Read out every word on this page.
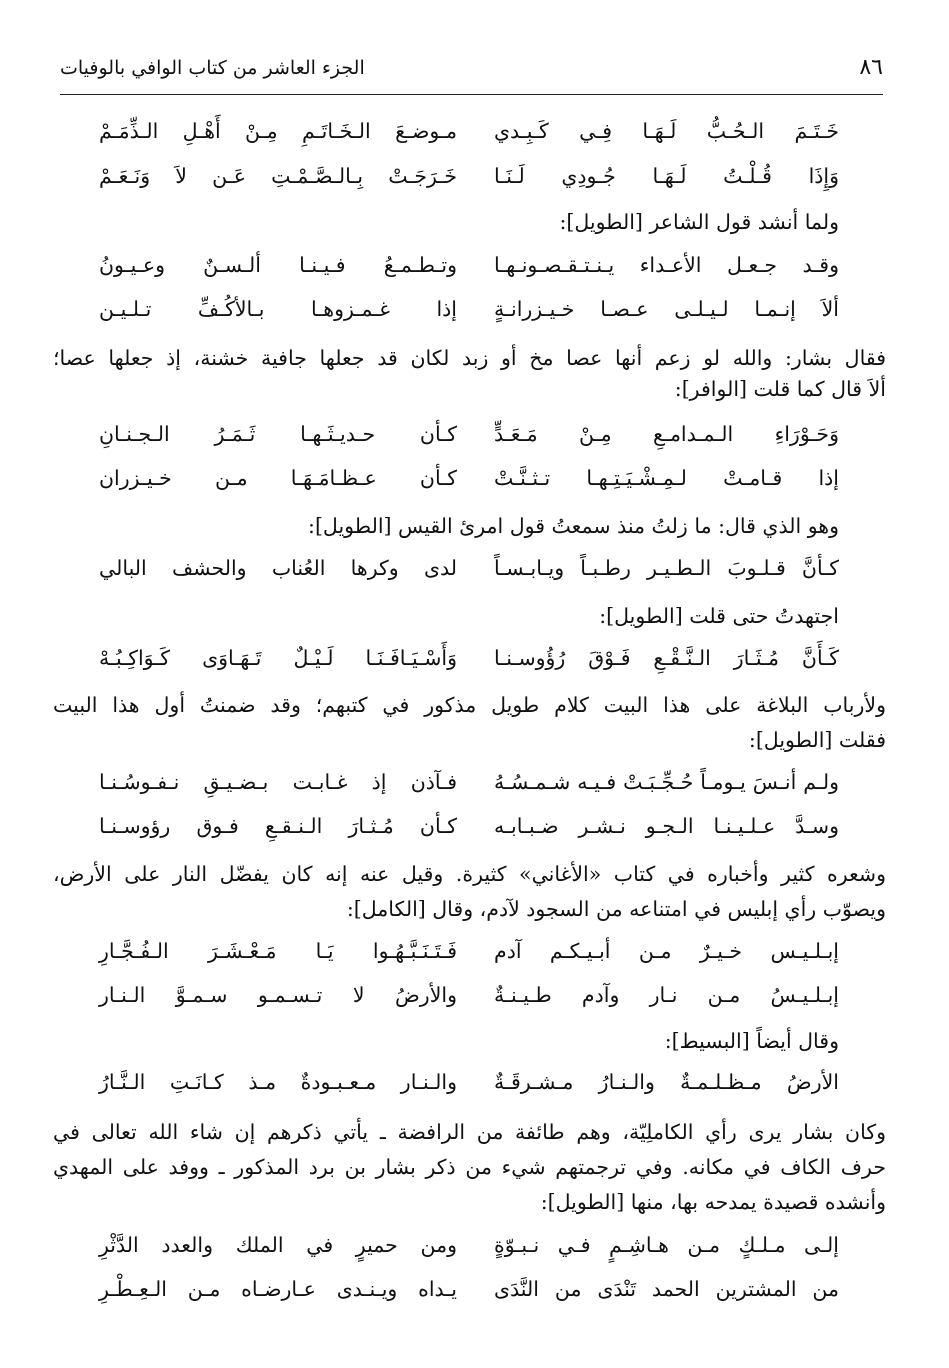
٨٦
الجزء العاشر من كتاب الوافي بالوفيات
خَـتَـمَ الـحُـبُّ لَـهَـا فِـي كَـبِـدي
مـوضـعَ الـخَـاتَـمِ مِـنْ أَهْـلِ الـذِّمَـمْ
وَإِذَا قُـلْـتُ لَـهَـا جُـودِي لَـنَـا
خَـرَجَـتْ بِـالـصَّـمْـتِ عَـن لاَ وَنَـعَـمْ
ولما أنشد قول الشاعر [الطويل]:
وقـد جـعـل الأعـداء يـنـتـقـصـونـهـا
وتـطـمـعُ فـيـنـا ألـسـنٌ وعـيـونُ
ألاَ إنـمـا لـيـلـى عـصـا خـيـزرانـةٍ
إذا غـمـزوهـا بـالأكُـفِّ تـلـيـن
فقال بشار: والله لو زعم أنها عصا مخ أو زبد لكان قد جعلها جافية خشنة، إذ جعلها عصا؛
ألاَ قال كما قلت [الوافر]:
وَحَـوْرَاءِ الـمـدامـعِ مِـنْ مَـعَـدٍّ
كـأن حـديـثَـهـا ثَـمَـرُ الـجـنـانِ
إذا قـامـتْ لـمِـشْـيَـتِـهـا تـثـنَّـتْ
كـأن عـظـامَـهَـا مـن خـيـزران
وهو الذي قال: ما زلتُ منذ سمعتُ قول امرئ القيس [الطويل]:
كـأنَّ قـلـوبَ الـطـيـر رطـبـاً ويـابـسـاً
لدى وكرها العُناب والحشف البالي
اجتهدتُ حتى قلت [الطويل]:
كَـأَنَّ مُـثَـارَ الـنَّـقْـعِ فَـوْقَ رُؤُوسـنـا
وَأَسْـيَـافَـنَـا لَـيْـلٌ تَـهَـاوَى كَـوَاكِـبُـهْ
ولأرباب البلاغة على هذا البيت كلام طويل مذكور في كتبهم؛ وقد ضمنتُ أول هذا البيت
فقلت [الطويل]:
ولـم أنـسَ يـومـاً حُـجِّـبَـتْ فـيـه شـمـسُـهُ
فـآذن إذ غـابـت بـضـيـقِ نـفـوسُـنـا
وسـدَّ عـلـيـنـا الـجـو نـشـر ضـبـابـه
كـأن مُـثـارَ الـنـقـعِ فـوق رؤوسـنـا
وشعره كثير وأخباره في كتاب «الأغاني» كثيرة. وقيل عنه إنه كان يفضّل النار على الأرض،
ويصوّب رأي إبليس في امتناعه من السجود لآدم، وقال [الكامل]:
إبـلـيـس خـيـرٌ مـن أبـيـكـم آدم
فَـتَـنَـبَّـهُـوا يَـا مَـعْـشَـرَ الـفُـجَّـارِ
إبـلـيـسُ مـن نـار وآدم طـيـنـةٌ
والأرضُ لا تـسـمـو سـمـوَّ الـنـار
وقال أيضاً [البسيط]:
الأرضُ مـظـلـمـةٌ والـنـارُ مـشـرقَـةٌ
والـنـار مـعـبـودةٌ مـذ كـانَـتِ الـنَّـارُ
وكان بشار يرى رأي الكاملِيّة، وهم طائفة من الرافضة ـ يأتي ذكرهم إن شاء الله تعالى في
حرف الكاف في مكانه. وفي ترجمتهم شيء من ذكر بشار بن برد المذكور ـ ووفد على المهدي
وأنشده قصيدة يمدحه بها، منها [الطويل]:
إلـى مـلـكٍ مـن هـاشِـمٍ فـي نـبـوّةٍ
ومن حميرٍ في الملك والعدد الدَّثْرِ
من المشترين الحمد تَنْدَى من النَّدَى
يـداه ويـنـدى عـارضـاه مـن الـعِـطْـرِ
